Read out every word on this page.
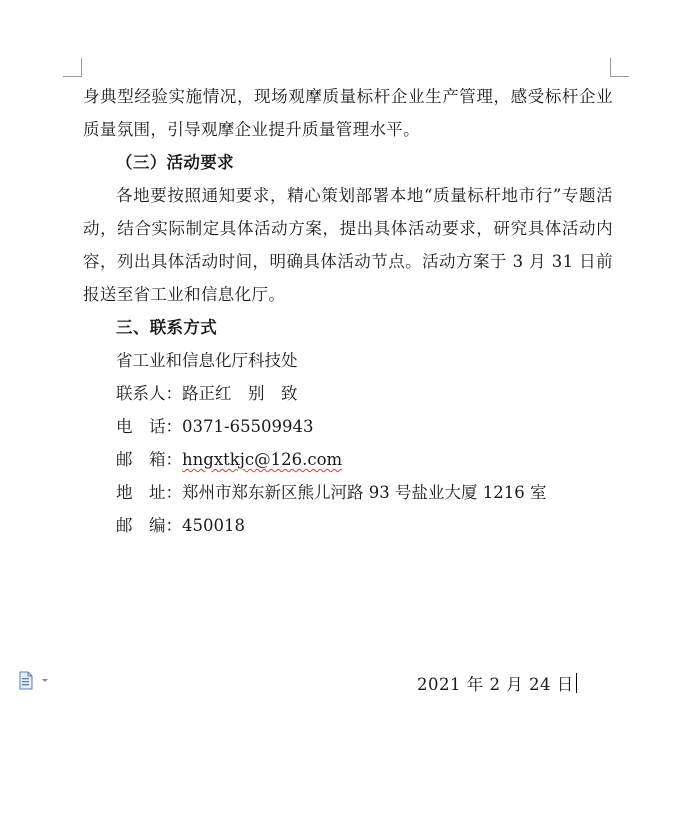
身典型经验实施情况，现场观摩质量标杆企业生产管理，感受标杆企业质量氛围，引导观摩企业提升质量管理水平。

（三）活动要求

各地要按照通知要求，精心策划部署本地“质量标杆地市行”专题活动，结合实际制定具体活动方案，提出具体活动要求，研究具体活动内容，列出具体活动时间，明确具体活动节点。活动方案于 3 月 31 日前报送至省工业和信息化厅。

三、联系方式

省工业和信息化厅科技处
联系人：路正红　别　致
电　话：0371-65509943
邮　箱：hngxtkjc@126.com
地　址：郑州市郑东新区熊儿河路 93 号盐业大厦 1216 室
邮　编：450018
2021 年 2 月 24 日
